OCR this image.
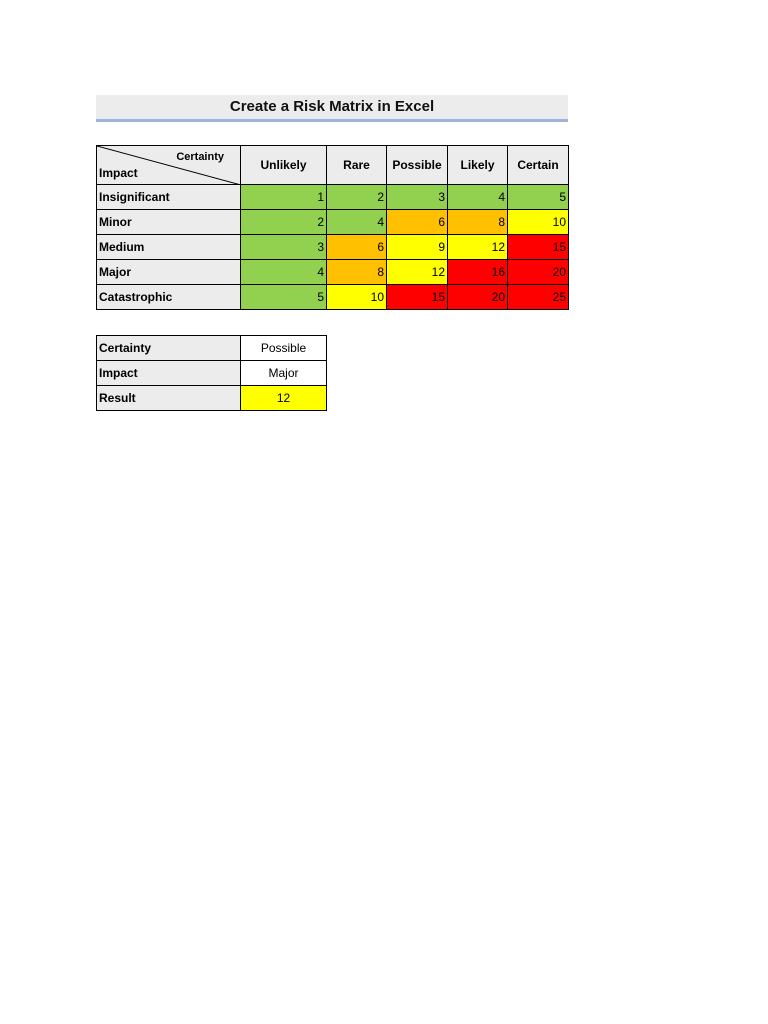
Create a Risk Matrix in Excel
Certainty
Impact	Unlikely	Rare	Possible	Likely	Certain
Insignificant	1	2	3	4	5
Minor	2	4	6	8	10
Medium	3	6	9	12	15
Major	4	8	12	16	20
Catastrophic	5	10	15	20	25
Certainty	Possible
Impact	Major
Result	12
